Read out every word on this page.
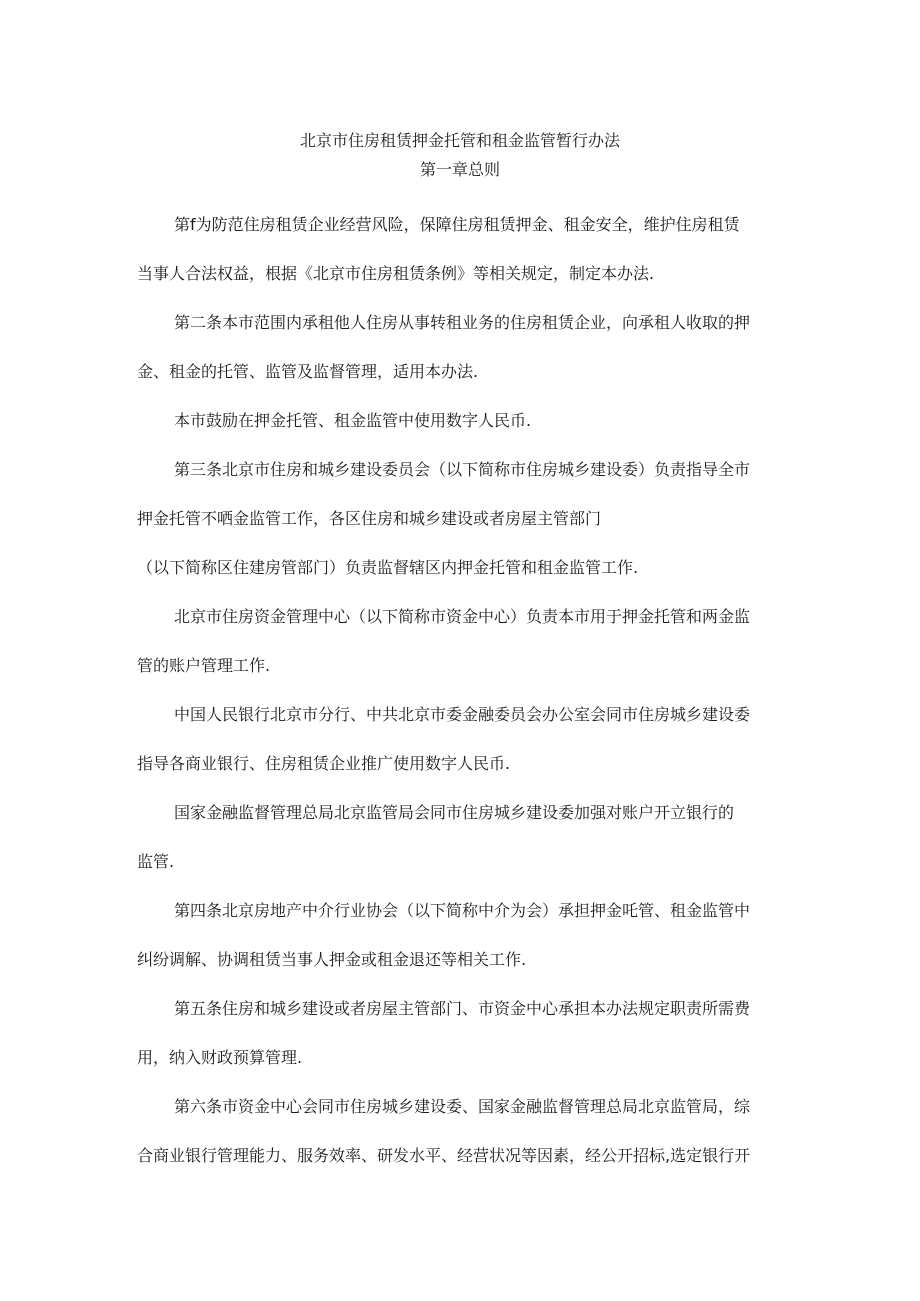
北京市住房租赁押金托管和租金监管暂行办法
第一章总则
第f为防范住房租赁企业经营风险，保障住房租赁押金、租金安全，维护住房租赁
当事人合法权益，根据《北京市住房租赁条例》等相关规定，制定本办法.
第二条本市范围内承租他人住房从事转租业务的住房租赁企业，向承租人收取的押
金、租金的托管、监管及监督管理，适用本办法.
本市鼓励在押金托管、租金监管中使用数字人民币.
第三条北京市住房和城乡建设委员会（以下简称市住房城乡建设委）负责指导全市
押金托管不哂金监管工作，各区住房和城乡建设或者房屋主管部门
（以下简称区住建房管部门）负责监督辖区内押金托管和租金监管工作.
北京市住房资金管理中心（以下简称市资金中心）负责本市用于押金托管和两金监
管的账户管理工作.
中国人民银行北京市分行、中共北京市委金融委员会办公室会同市住房城乡建设委
指导各商业银行、住房租赁企业推广使用数字人民币.
国家金融监督管理总局北京监管局会同市住房城乡建设委加强对账户开立银行的
监管.
第四条北京房地产中介行业协会（以下简称中介为会）承担押金吒管、租金监管中
纠纷调解、协调租赁当事人押金或租金退还等相关工作.
第五条住房和城乡建设或者房屋主管部门、市资金中心承担本办法规定职责所需费
用，纳入财政预算管理.
第六条市资金中心会同市住房城乡建设委、国家金融监督管理总局北京监管局，综
合商业银行管理能力、服务效率、研发水平、经营状况等因素，经公开招标,选定银行开
